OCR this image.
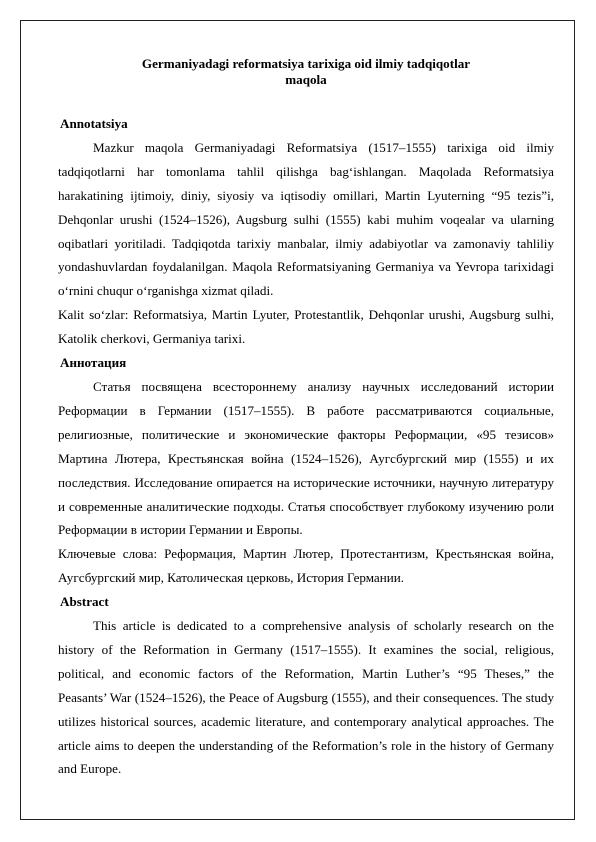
Germaniyadagi reformatsiya tarixiga oid ilmiy tadqiqotlar
maqola

Annotatsiya

Mazkur maqola Germaniyadagi Reformatsiya (1517–1555) tarixiga oid ilmiy tadqiqotlarni har tomonlama tahlil qilishga bag‘ishlangan. Maqolada Reformatsiya harakatining ijtimoiy, diniy, siyosiy va iqtisodiy omillari, Martin Lyuterning “95 tezis”i, Dehqonlar urushi (1524–1526), Augsburg sulhi (1555) kabi muhim voqealar va ularning oqibatlari yoritiladi. Tadqiqotda tarixiy manbalar, ilmiy adabiyotlar va zamonaviy tahliliy yondashuvlardan foydalanilgan. Maqola Reformatsiyaning Germaniya va Yevropa tarixidagi o‘rnini chuqur o‘rganishga xizmat qiladi.

Kalit so‘zlar: Reformatsiya, Martin Lyuter, Protestantlik, Dehqonlar urushi, Augsburg sulhi, Katolik cherkovi, Germaniya tarixi.

Аннотация

Статья посвящена всестороннему анализу научных исследований истории Реформации в Германии (1517–1555). В работе рассматриваются социальные, религиозные, политические и экономические факторы Реформации, «95 тезисов» Мартина Лютера, Крестьянская война (1524–1526), Аугсбургский мир (1555) и их последствия. Исследование опирается на исторические источники, научную литературу и современные аналитические подходы. Статья способствует глубокому изучению роли Реформации в истории Германии и Европы.

Ключевые слова: Реформация, Мартин Лютер, Протестантизм, Крестьянская война, Аугсбургский мир, Католическая церковь, История Германии.

Abstract

This article is dedicated to a comprehensive analysis of scholarly research on the history of the Reformation in Germany (1517–1555). It examines the social, religious, political, and economic factors of the Reformation, Martin Luther’s “95 Theses,” the Peasants’ War (1524–1526), the Peace of Augsburg (1555), and their consequences. The study utilizes historical sources, academic literature, and contemporary analytical approaches. The article aims to deepen the understanding of the Reformation’s role in the history of Germany and Europe.
